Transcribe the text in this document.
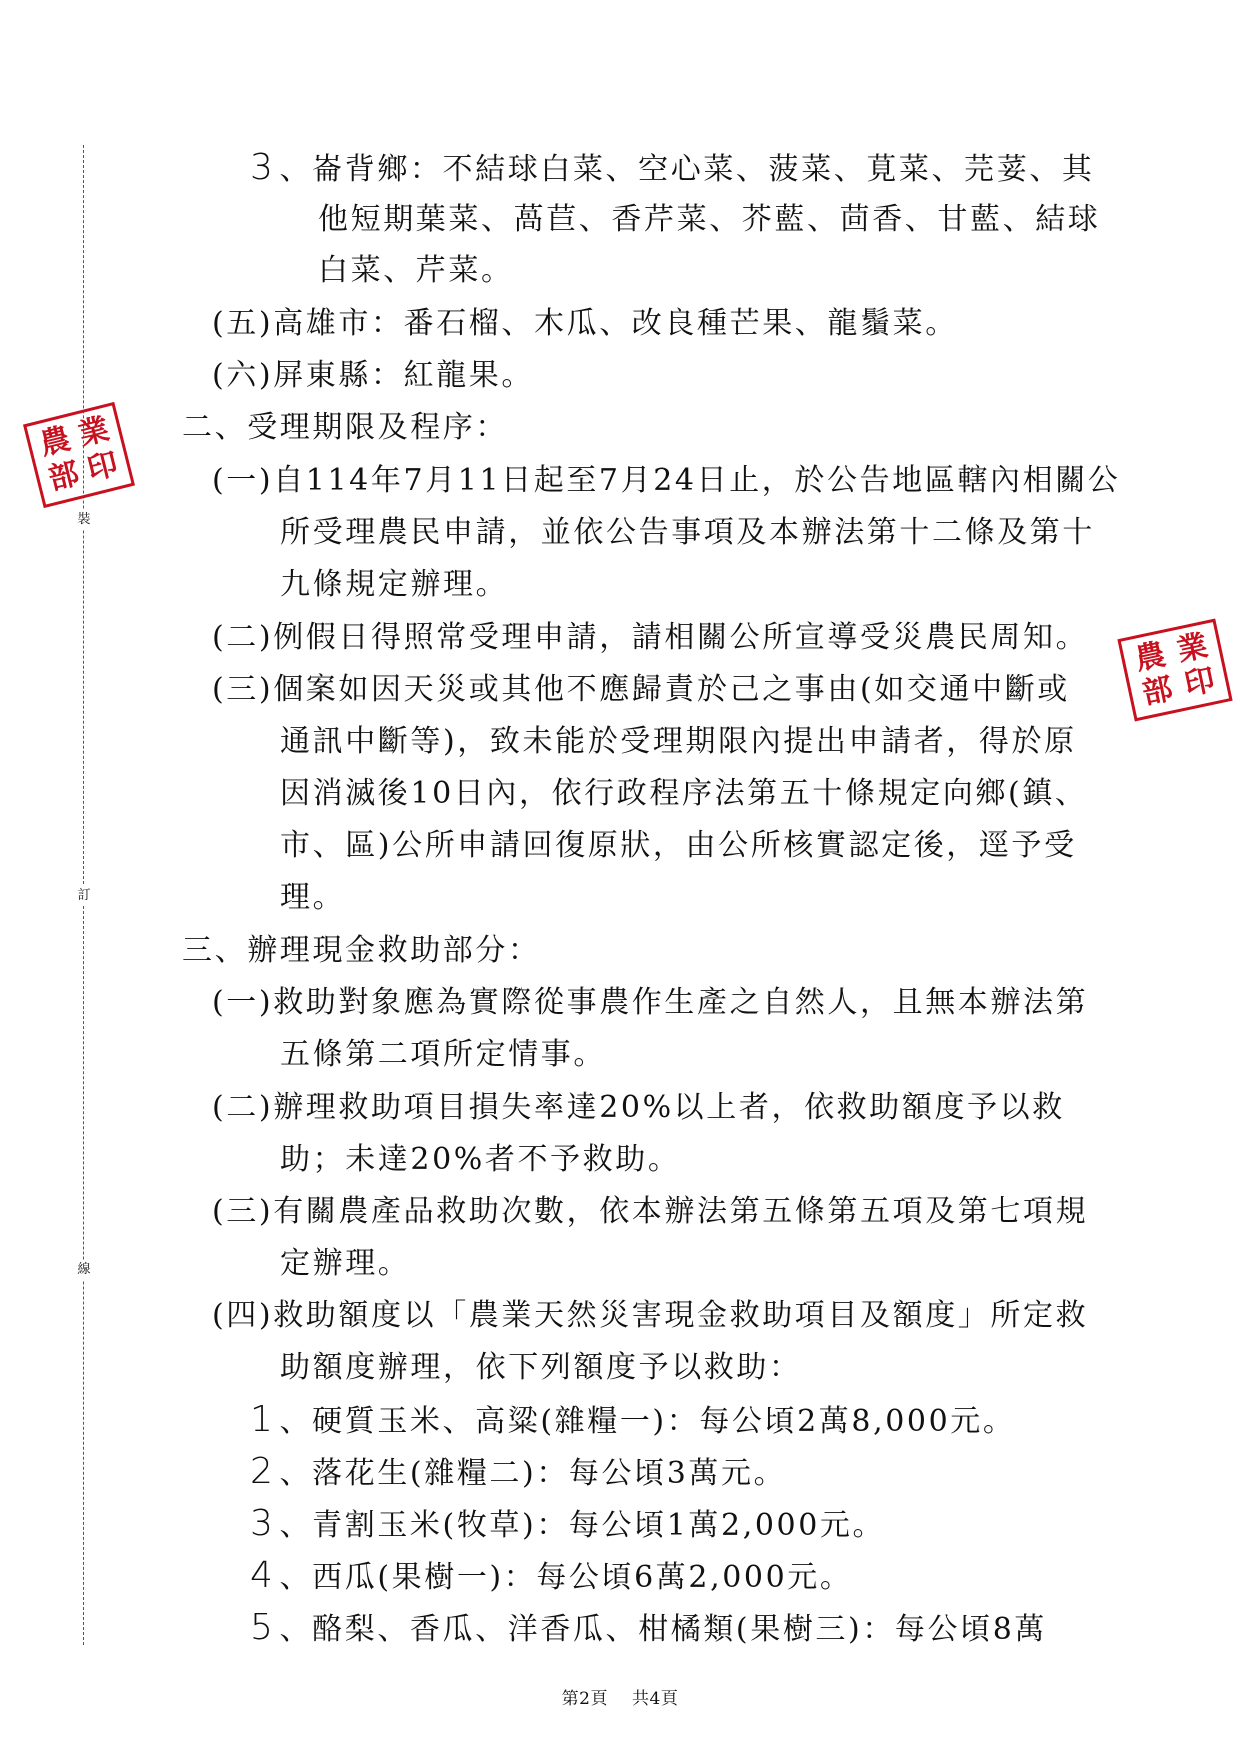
裝
訂
線
農 業
部 印
農 業
部 印
3 、崙背鄉：不結球白菜、空心菜、菠菜、莧菜、芫荽、其
他短期葉菜、萵苣、香芹菜、芥藍、茴香、甘藍、結球
白菜、芹菜。
(五)高雄市：番石榴、木瓜、改良種芒果、龍鬚菜。
(六)屏東縣：紅龍果。
二、受理期限及程序：
(一)自114年7月11日起至7月24日止，於公告地區轄內相關公
所受理農民申請，並依公告事項及本辦法第十二條及第十
九條規定辦理。
(二)例假日得照常受理申請，請相關公所宣導受災農民周知。
(三)個案如因天災或其他不應歸責於己之事由(如交通中斷或
通訊中斷等)，致未能於受理期限內提出申請者，得於原
因消滅後10日內，依行政程序法第五十條規定向鄉(鎮、
市、區)公所申請回復原狀，由公所核實認定後，逕予受
理。
三、辦理現金救助部分：
(一)救助對象應為實際從事農作生產之自然人，且無本辦法第
五條第二項所定情事。
(二)辦理救助項目損失率達20%以上者，依救助額度予以救
助；未達20%者不予救助。
(三)有關農產品救助次數，依本辦法第五條第五項及第七項規
定辦理。
(四)救助額度以「農業天然災害現金救助項目及額度」所定救
助額度辦理，依下列額度予以救助：
1 、硬質玉米、高粱(雜糧一)：每公頃2萬8,000元。
2 、落花生(雜糧二)：每公頃3萬元。
3 、青割玉米(牧草)：每公頃1萬2,000元。
4 、西瓜(果樹一)：每公頃6萬2,000元。
5 、酪梨、香瓜、洋香瓜、柑橘類(果樹三)：每公頃8萬
第2頁 共4頁
